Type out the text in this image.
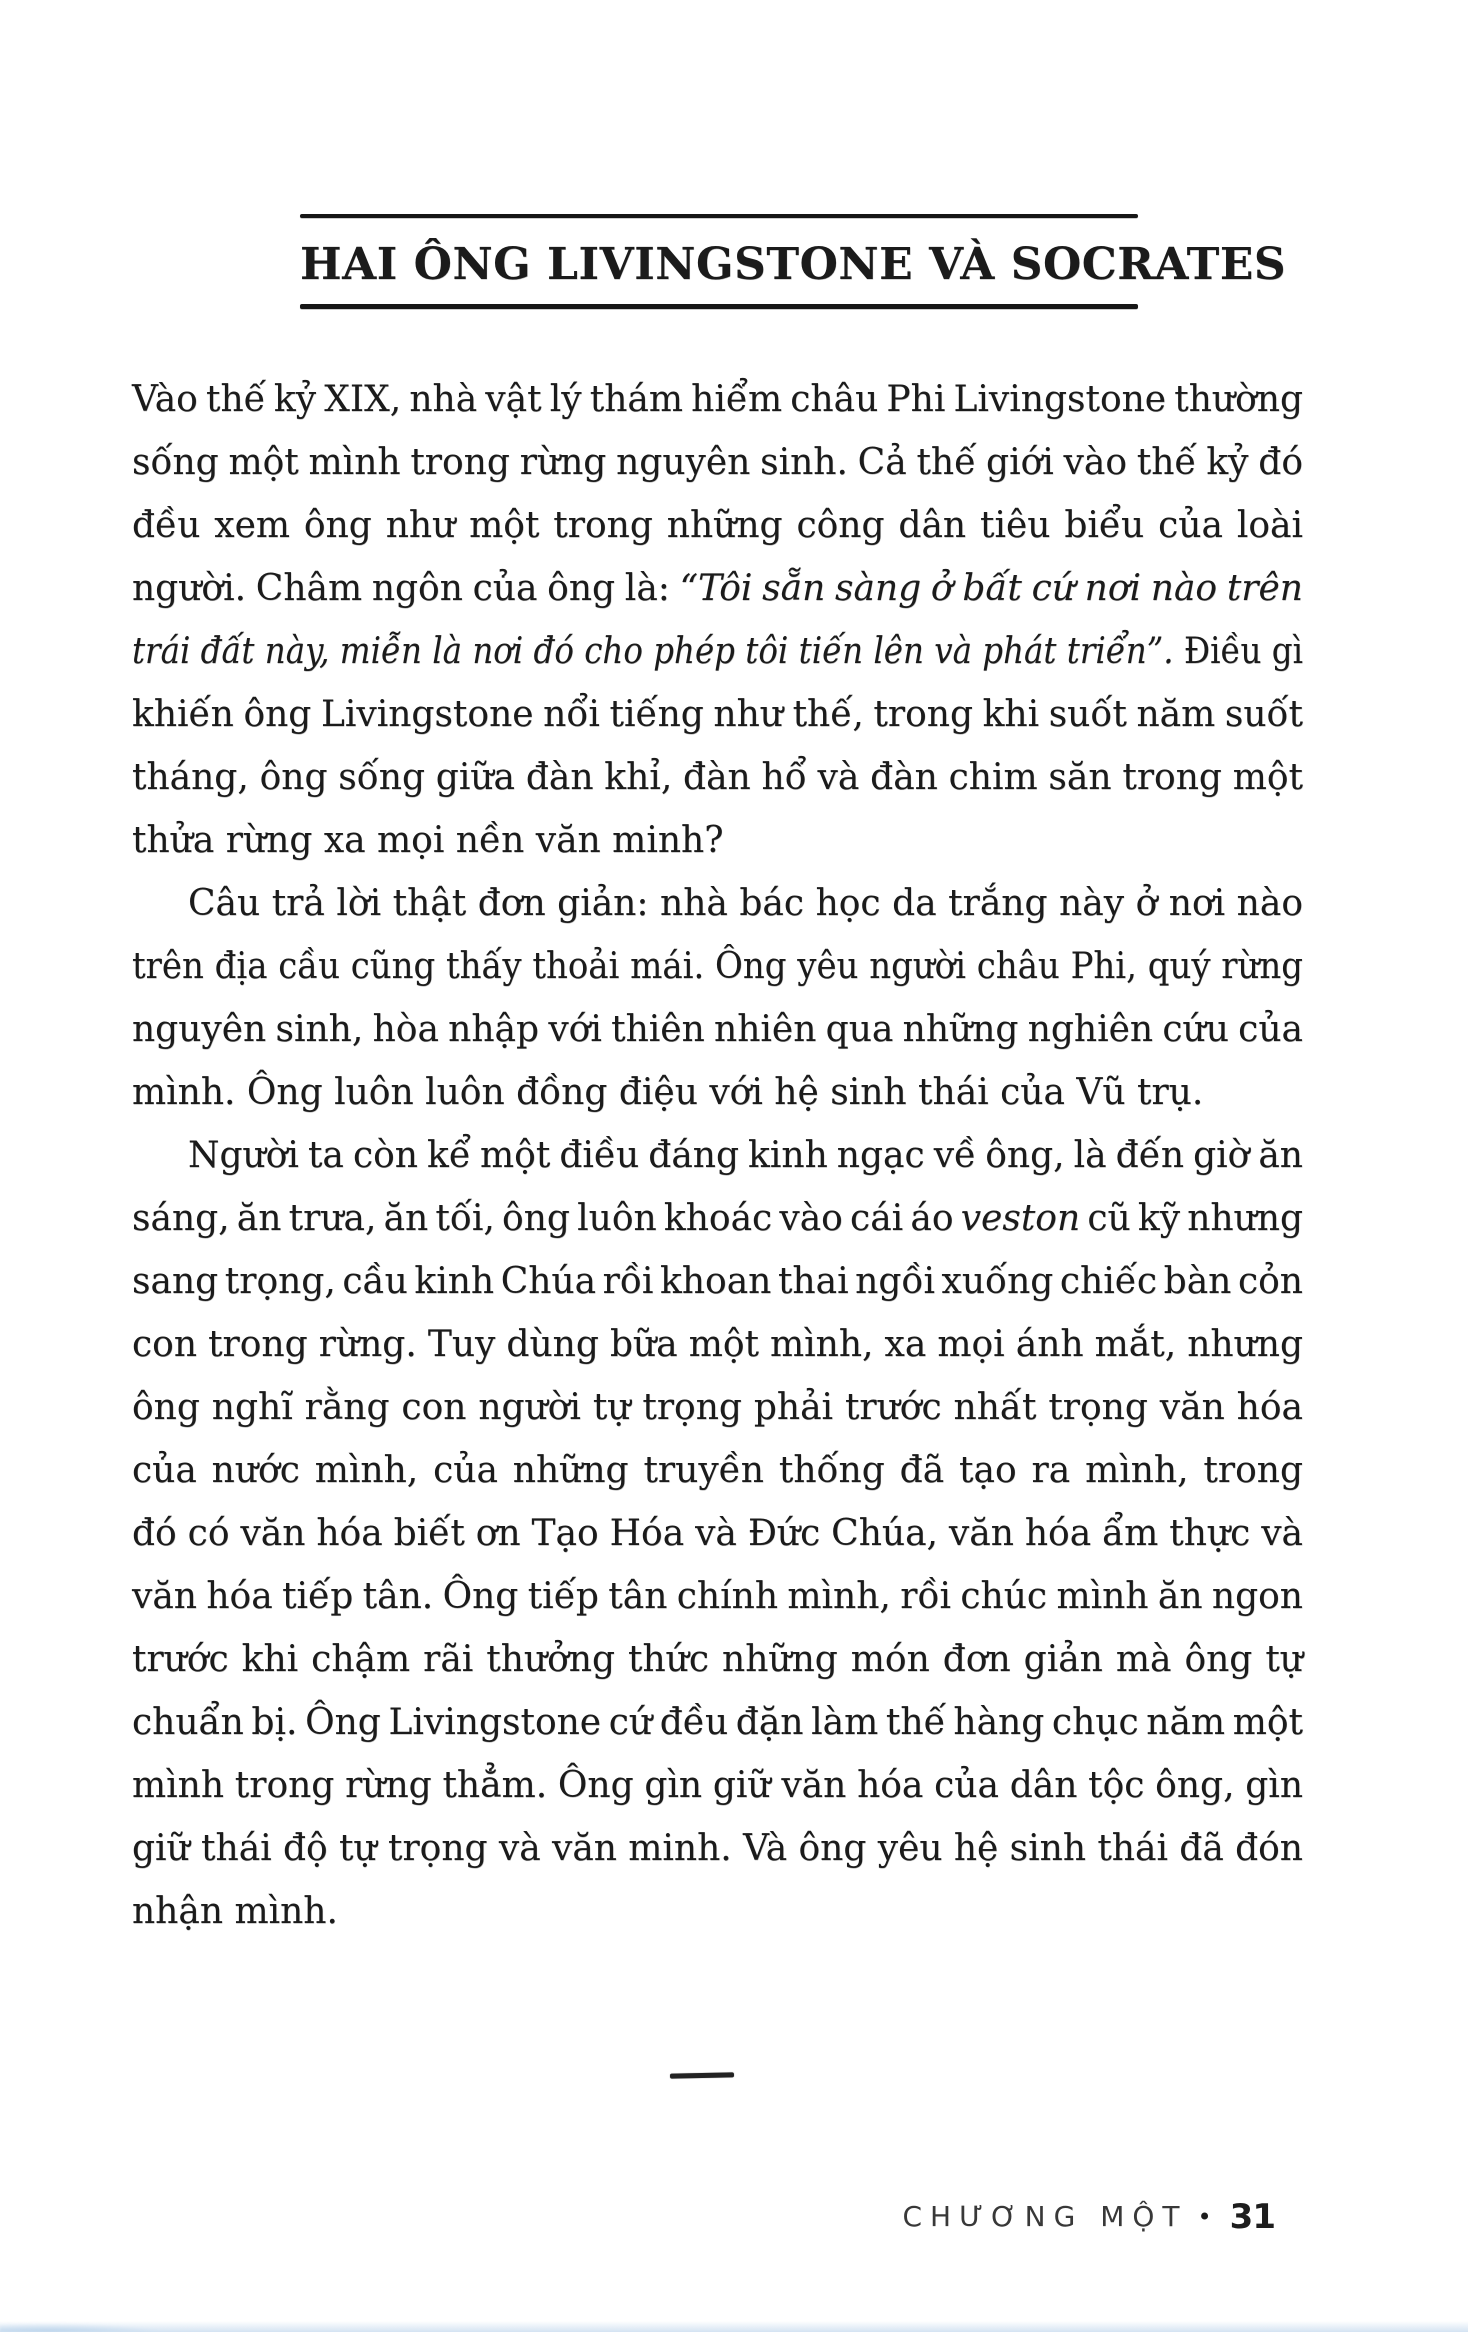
HAI ÔNG LIVINGSTONE VÀ SOCRATES
Vào thế kỷ XIX, nhà vật lý thám hiểm châu Phi Livingstone thường
sống một mình trong rừng nguyên sinh. Cả thế giới vào thế kỷ đó
đều xem ông như một trong những công dân tiêu biểu của loài
người. Châm ngôn của ông là: “Tôi sẵn sàng ở bất cứ nơi nào trên
trái đất này, miễn là nơi đó cho phép tôi tiến lên và phát triển”. Điều gì
khiến ông Livingstone nổi tiếng như thế, trong khi suốt năm suốt
tháng, ông sống giữa đàn khỉ, đàn hổ và đàn chim săn trong một
thửa rừng xa mọi nền văn minh?
Câu trả lời thật đơn giản: nhà bác học da trắng này ở nơi nào
trên địa cầu cũng thấy thoải mái. Ông yêu người châu Phi, quý rừng
nguyên sinh, hòa nhập với thiên nhiên qua những nghiên cứu của
mình. Ông luôn luôn đồng điệu với hệ sinh thái của Vũ trụ.
Người ta còn kể một điều đáng kinh ngạc về ông, là đến giờ ăn
sáng, ăn trưa, ăn tối, ông luôn khoác vào cái áo veston cũ kỹ nhưng
sang trọng, cầu kinh Chúa rồi khoan thai ngồi xuống chiếc bàn cỏn
con trong rừng. Tuy dùng bữa một mình, xa mọi ánh mắt, nhưng
ông nghĩ rằng con người tự trọng phải trước nhất trọng văn hóa
của nước mình, của những truyền thống đã tạo ra mình, trong
đó có văn hóa biết ơn Tạo Hóa và Đức Chúa, văn hóa ẩm thực và
văn hóa tiếp tân. Ông tiếp tân chính mình, rồi chúc mình ăn ngon
trước khi chậm rãi thưởng thức những món đơn giản mà ông tự
chuẩn bị. Ông Livingstone cứ đều đặn làm thế hàng chục năm một
mình trong rừng thẳm. Ông gìn giữ văn hóa của dân tộc ông, gìn
giữ thái độ tự trọng và văn minh. Và ông yêu hệ sinh thái đã đón
nhận mình.
CHƯƠNG MỘT • 31
